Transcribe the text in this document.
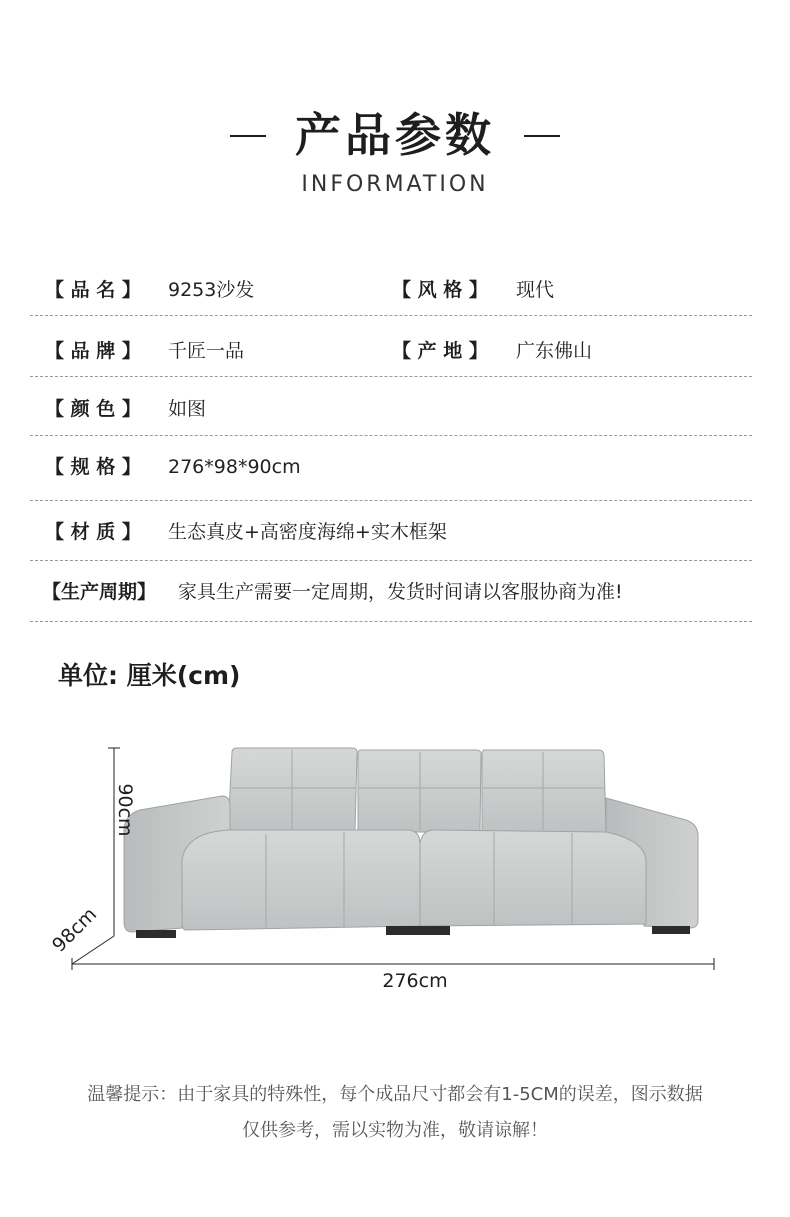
产品参数
INFORMATION
【 品 名 】 9253沙发	【 风 格 】 现代
【 品 牌 】 千匠一品	【 产 地 】 广东佛山
【 颜 色 】 如图
【 规 格 】 276*98*90cm
【 材 质 】 生态真皮+高密度海绵+实木框架
【生产周期】 家具生产需要一定周期，发货时间请以客服协商为准!
单位: 厘米(cm)
90cm
98cm
276cm
温馨提示：由于家具的特殊性，每个成品尺寸都会有1-5CM的误差，图示数据
仅供参考，需以实物为准，敬请谅解！
